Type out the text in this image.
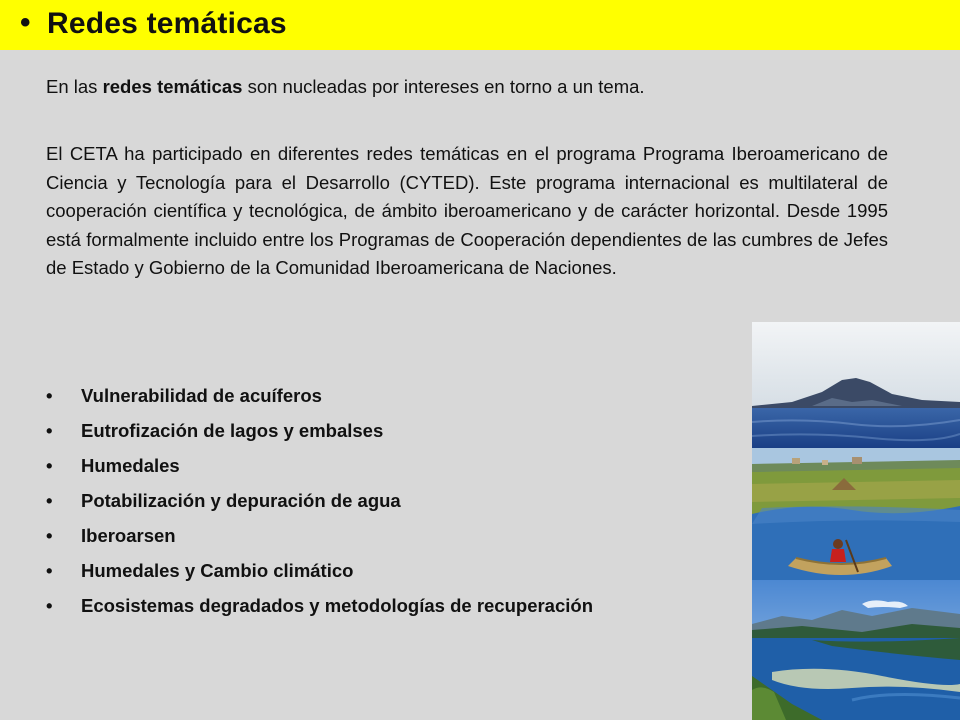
• Redes temáticas
En las redes temáticas son nucleadas por intereses en torno a un tema.
El CETA ha participado en diferentes redes temáticas en el programa Programa Iberoamericano de Ciencia y Tecnología para el Desarrollo (CYTED). Este programa internacional es multilateral de cooperación científica y tecnológica, de ámbito iberoamericano y de carácter horizontal. Desde 1995 está formalmente incluido entre los Programas de Cooperación dependientes de las cumbres de Jefes de Estado y Gobierno de la Comunidad Iberoamericana de Naciones.
• Vulnerabilidad de acuíferos
• Eutrofización de lagos y embalses
• Humedales
• Potabilización y depuración de agua
• Iberoarsen
• Humedales y Cambio climático
• Ecosistemas degradados y metodologías de recuperación
